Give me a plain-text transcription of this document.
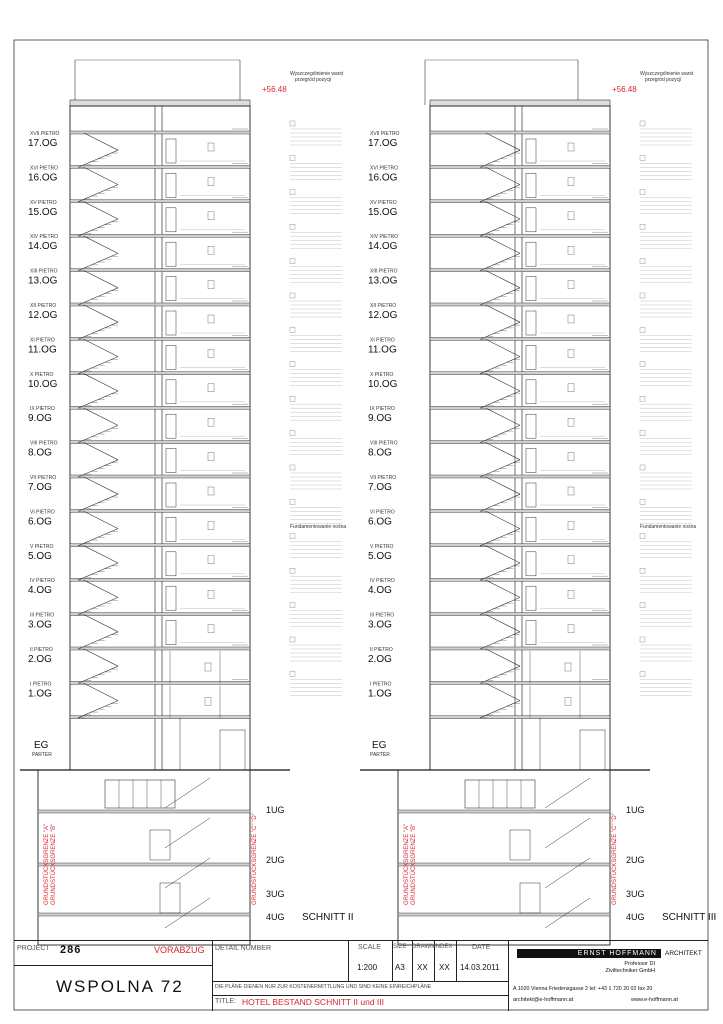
XVII PIETRO
17.OG
XVI PIETRO
16.OG
XV PIETRO
15.OG
XIV PIETRO
14.OG
XIII PIETRO
13.OG
XII PIETRO
12.OG
XI PIETRO
11.OG
X PIETRO
10.OG
IX PIETRO
9.OG
VIII PIETRO
8.OG
VII PIETRO
7.OG
VI PIETRO
6.OG
V PIETRO
5.OG
IV PIETRO
4.OG
III PIETRO
3.OG
II PIETRO
2.OG
I PIETRO
1.OG
GRUNDSTÜCKSGRENZE "A" GRUNDSTÜCKSGRENZE "B"	GRUNDSTÜCKSGRENZE "C" "D"
Wyszczególnienie warst
przegród pozycji
+56.48
Fundamentowanie nośna
EG
PARTER
1UG
2UG
3UG
4UG SCHNITT II
XVII PIETRO
17.OG
XVI PIETRO
16.OG
XV PIETRO
15.OG
XIV PIETRO
14.OG
XIII PIETRO
13.OG
XII PIETRO
12.OG
XI PIETRO
11.OG
X PIETRO
10.OG
IX PIETRO
9.OG
VIII PIETRO
8.OG
VII PIETRO
7.OG
VI PIETRO
6.OG
V PIETRO
5.OG
IV PIETRO
4.OG
III PIETRO
3.OG
II PIETRO
2.OG
I PIETRO
1.OG
GRUNDSTÜCKSGRENZE "A" GRUNDSTÜCKSGRENZE "B"	GRUNDSTÜCKSGRENZE "C" "D"
Wyszczególnienie warst
przegród pozycji
+56.48
Fundamentowanie nośna
EG
PARTER
1UG
2UG
3UG
4UG SCHNITT III
PROJECT 286	VORABZUG
WSPOLNA 72
DETAIL NUMBER	SCALE
1:200
SIZE
A3
DRAWN
XX
INDEX
XX
DATE
14.03.2011
DIE PLÄNE DIENEN NUR ZUR KOSTENERMITTLUNG UND SIND KEINE EINREICHPLÄNE
TITLE: HOTEL BESTAND SCHNITT II und III
ERNST HOFFMANN ARCHITEKT
Professor DI
Ziviltechniker GmbH
A 1020 Vienna Friedensgasse 2 tel: +43 1 720 20 02 fax 20
architekt@e-hoffmann.at	www.e-hoffmann.at
